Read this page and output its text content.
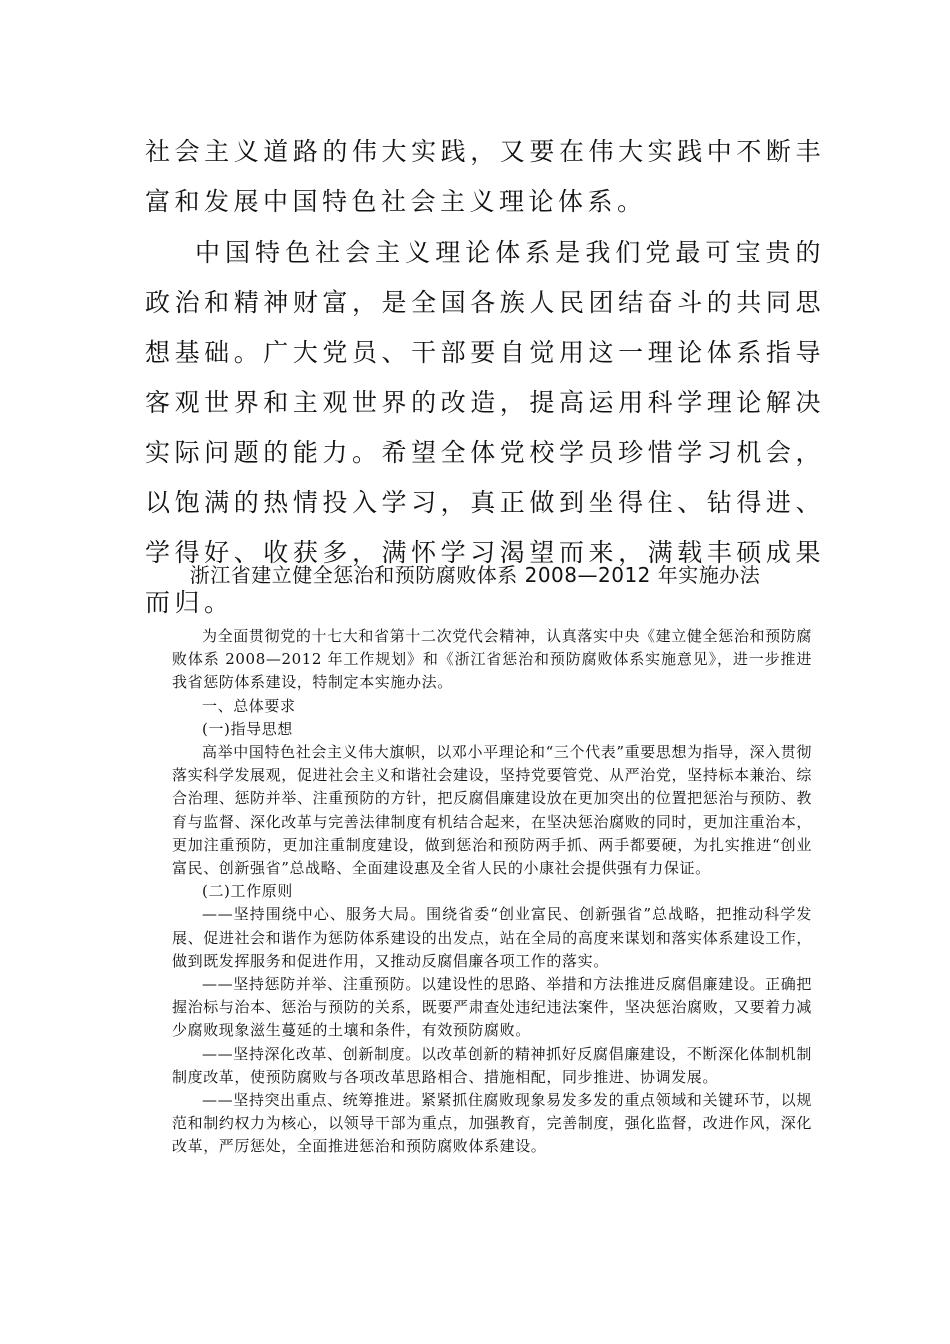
社会主义道路的伟大实践，又要在伟大实践中不断丰富和发展中国特色社会主义理论体系。

中国特色社会主义理论体系是我们党最可宝贵的政治和精神财富，是全国各族人民团结奋斗的共同思想基础。广大党员、干部要自觉用这一理论体系指导客观世界和主观世界的改造，提高运用科学理论解决实际问题的能力。希望全体党校学员珍惜学习机会，以饱满的热情投入学习，真正做到坐得住、钻得进、学得好、收获多，满怀学习渴望而来，满载丰硕成果而归。

浙江省建立健全惩治和预防腐败体系 2008—2012 年实施办法

为全面贯彻党的十七大和省第十二次党代会精神，认真落实中央《建立健全惩治和预防腐败体系 2008—2012 年工作规划》和《浙江省惩治和预防腐败体系实施意见》，进一步推进我省惩防体系建设，特制定本实施办法。

一、总体要求

(一)指导思想

高举中国特色社会主义伟大旗帜，以邓小平理论和“三个代表”重要思想为指导，深入贯彻落实科学发展观，促进社会主义和谐社会建设，坚持党要管党、从严治党，坚持标本兼治、综合治理、惩防并举、注重预防的方针，把反腐倡廉建设放在更加突出的位置把惩治与预防、教育与监督、深化改革与完善法律制度有机结合起来，在坚决惩治腐败的同时，更加注重治本，更加注重预防，更加注重制度建设，做到惩治和预防两手抓、两手都要硬，为扎实推进“创业富民、创新强省”总战略、全面建设惠及全省人民的小康社会提供强有力保证。

(二)工作原则

——坚持围绕中心、服务大局。围绕省委“创业富民、创新强省”总战略，把推动科学发展、促进社会和谐作为惩防体系建设的出发点，站在全局的高度来谋划和落实体系建设工作，做到既发挥服务和促进作用，又推动反腐倡廉各项工作的落实。

——坚持惩防并举、注重预防。以建设性的思路、举措和方法推进反腐倡廉建设。正确把握治标与治本、惩治与预防的关系，既要严肃查处违纪违法案件，坚决惩治腐败，又要着力减少腐败现象滋生蔓延的土壤和条件，有效预防腐败。

——坚持深化改革、创新制度。以改革创新的精神抓好反腐倡廉建设，不断深化体制机制制度改革，使预防腐败与各项改革思路相合、措施相配，同步推进、协调发展。

——坚持突出重点、统筹推进。紧紧抓住腐败现象易发多发的重点领域和关键环节，以规范和制约权力为核心，以领导干部为重点，加强教育，完善制度，强化监督，改进作风，深化改革，严厉惩处，全面推进惩治和预防腐败体系建设。
